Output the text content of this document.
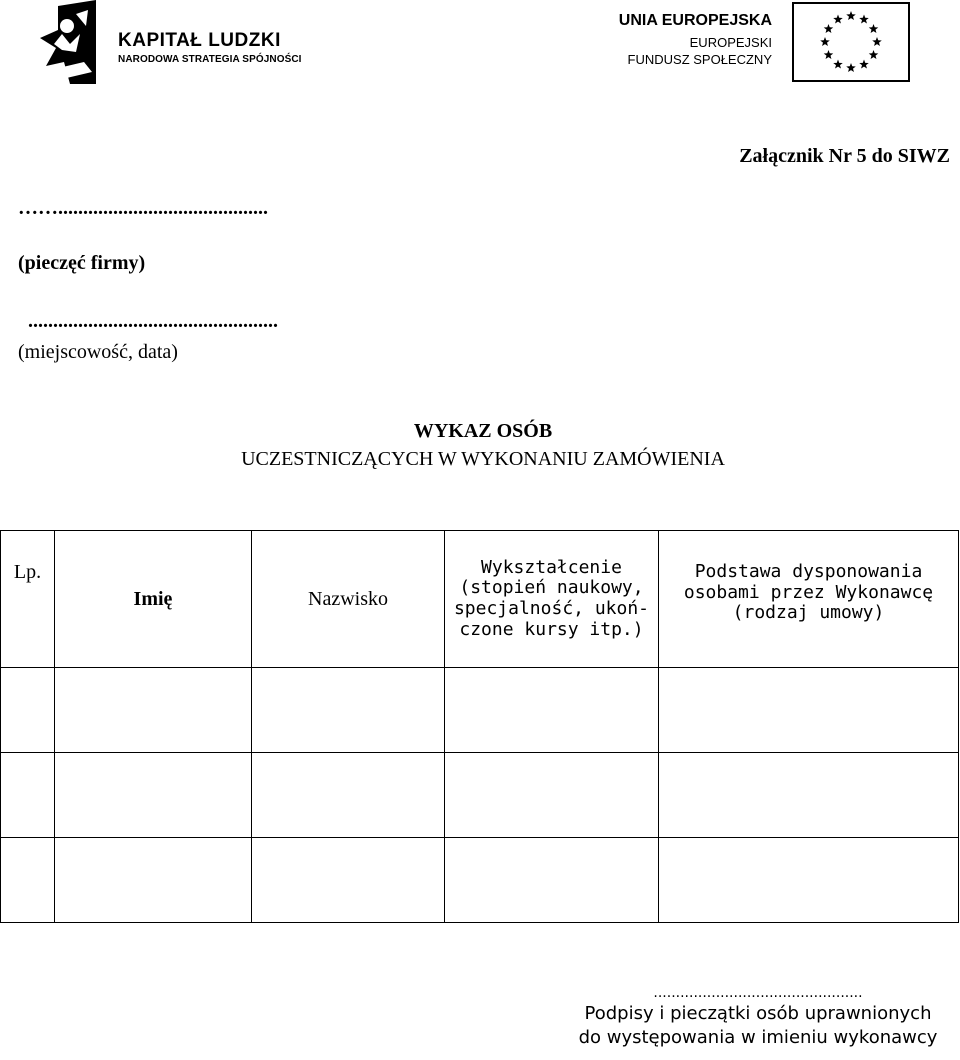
KAPITAŁ LUDZKI
NARODOWA STRATEGIA SPÓJNOŚCI
UNIA EUROPEJSKA
EUROPEJSKI
FUNDUSZ SPOŁECZNY
Załącznik Nr 5 do SIWZ
……..........................................
(pieczęć firmy)
..................................................
(miejscowość, data)
WYKAZ OSÓB
UCZESTNICZĄCYCH W WYKONANIU ZAMÓWIENIA
Lp.	Imię	Nazwisko	Wykształcenie (stopień naukowy, specjalność, ukoń-czone kursy itp.)	Podstawa dysponowania osobami przez Wykonawcę (rodzaj umowy)

...............................................
Podpisy i pieczątki osób uprawnionych
do występowania w imieniu wykonawcy
